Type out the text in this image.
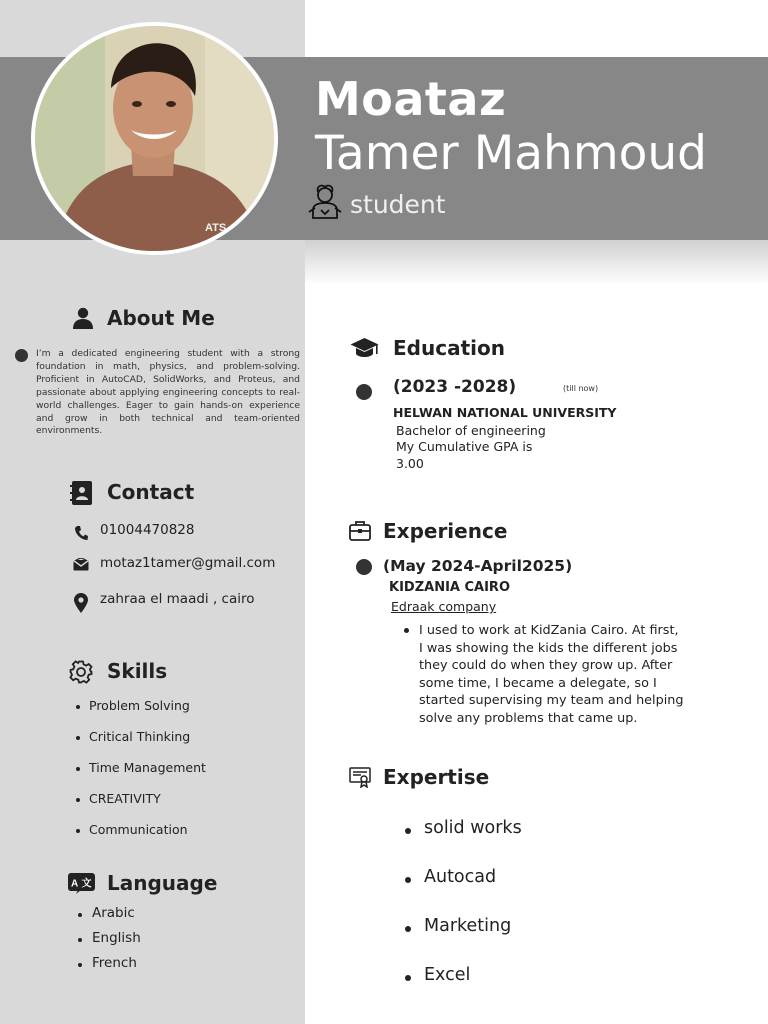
ATS
Moataz
Tamer Mahmoud
student
About Me
I’m a dedicated engineering student with a strong foundation in math, physics, and problem-solving. Proficient in AutoCAD, SolidWorks, and Proteus, and passionate about applying engineering concepts to real-world challenges. Eager to gain hands-on experience and grow in both technical and team-oriented environments.
Contact
01004470828
motaz1tamer@gmail.com
zahraa el maadi , cairo
Skills
Problem Solving
Critical Thinking
Time Management
CREATIVITY
Communication
A 文 Language
Arabic
English
French
Education
(2023 -2028)	(till now)
HELWAN NATIONAL UNIVERSITY
Bachelor of engineering
My Cumulative GPA is
3.00
Experience
(May 2024-April2025)
KIDZANIA CAIRO
Edraak company
I used to work at KidZania Cairo. At first, I was showing the kids the different jobs they could do when they grow up. After some time, I became a delegate, so I started supervising my team and helping solve any problems that came up.
Expertise
solid works
Autocad
Marketing
Excel
